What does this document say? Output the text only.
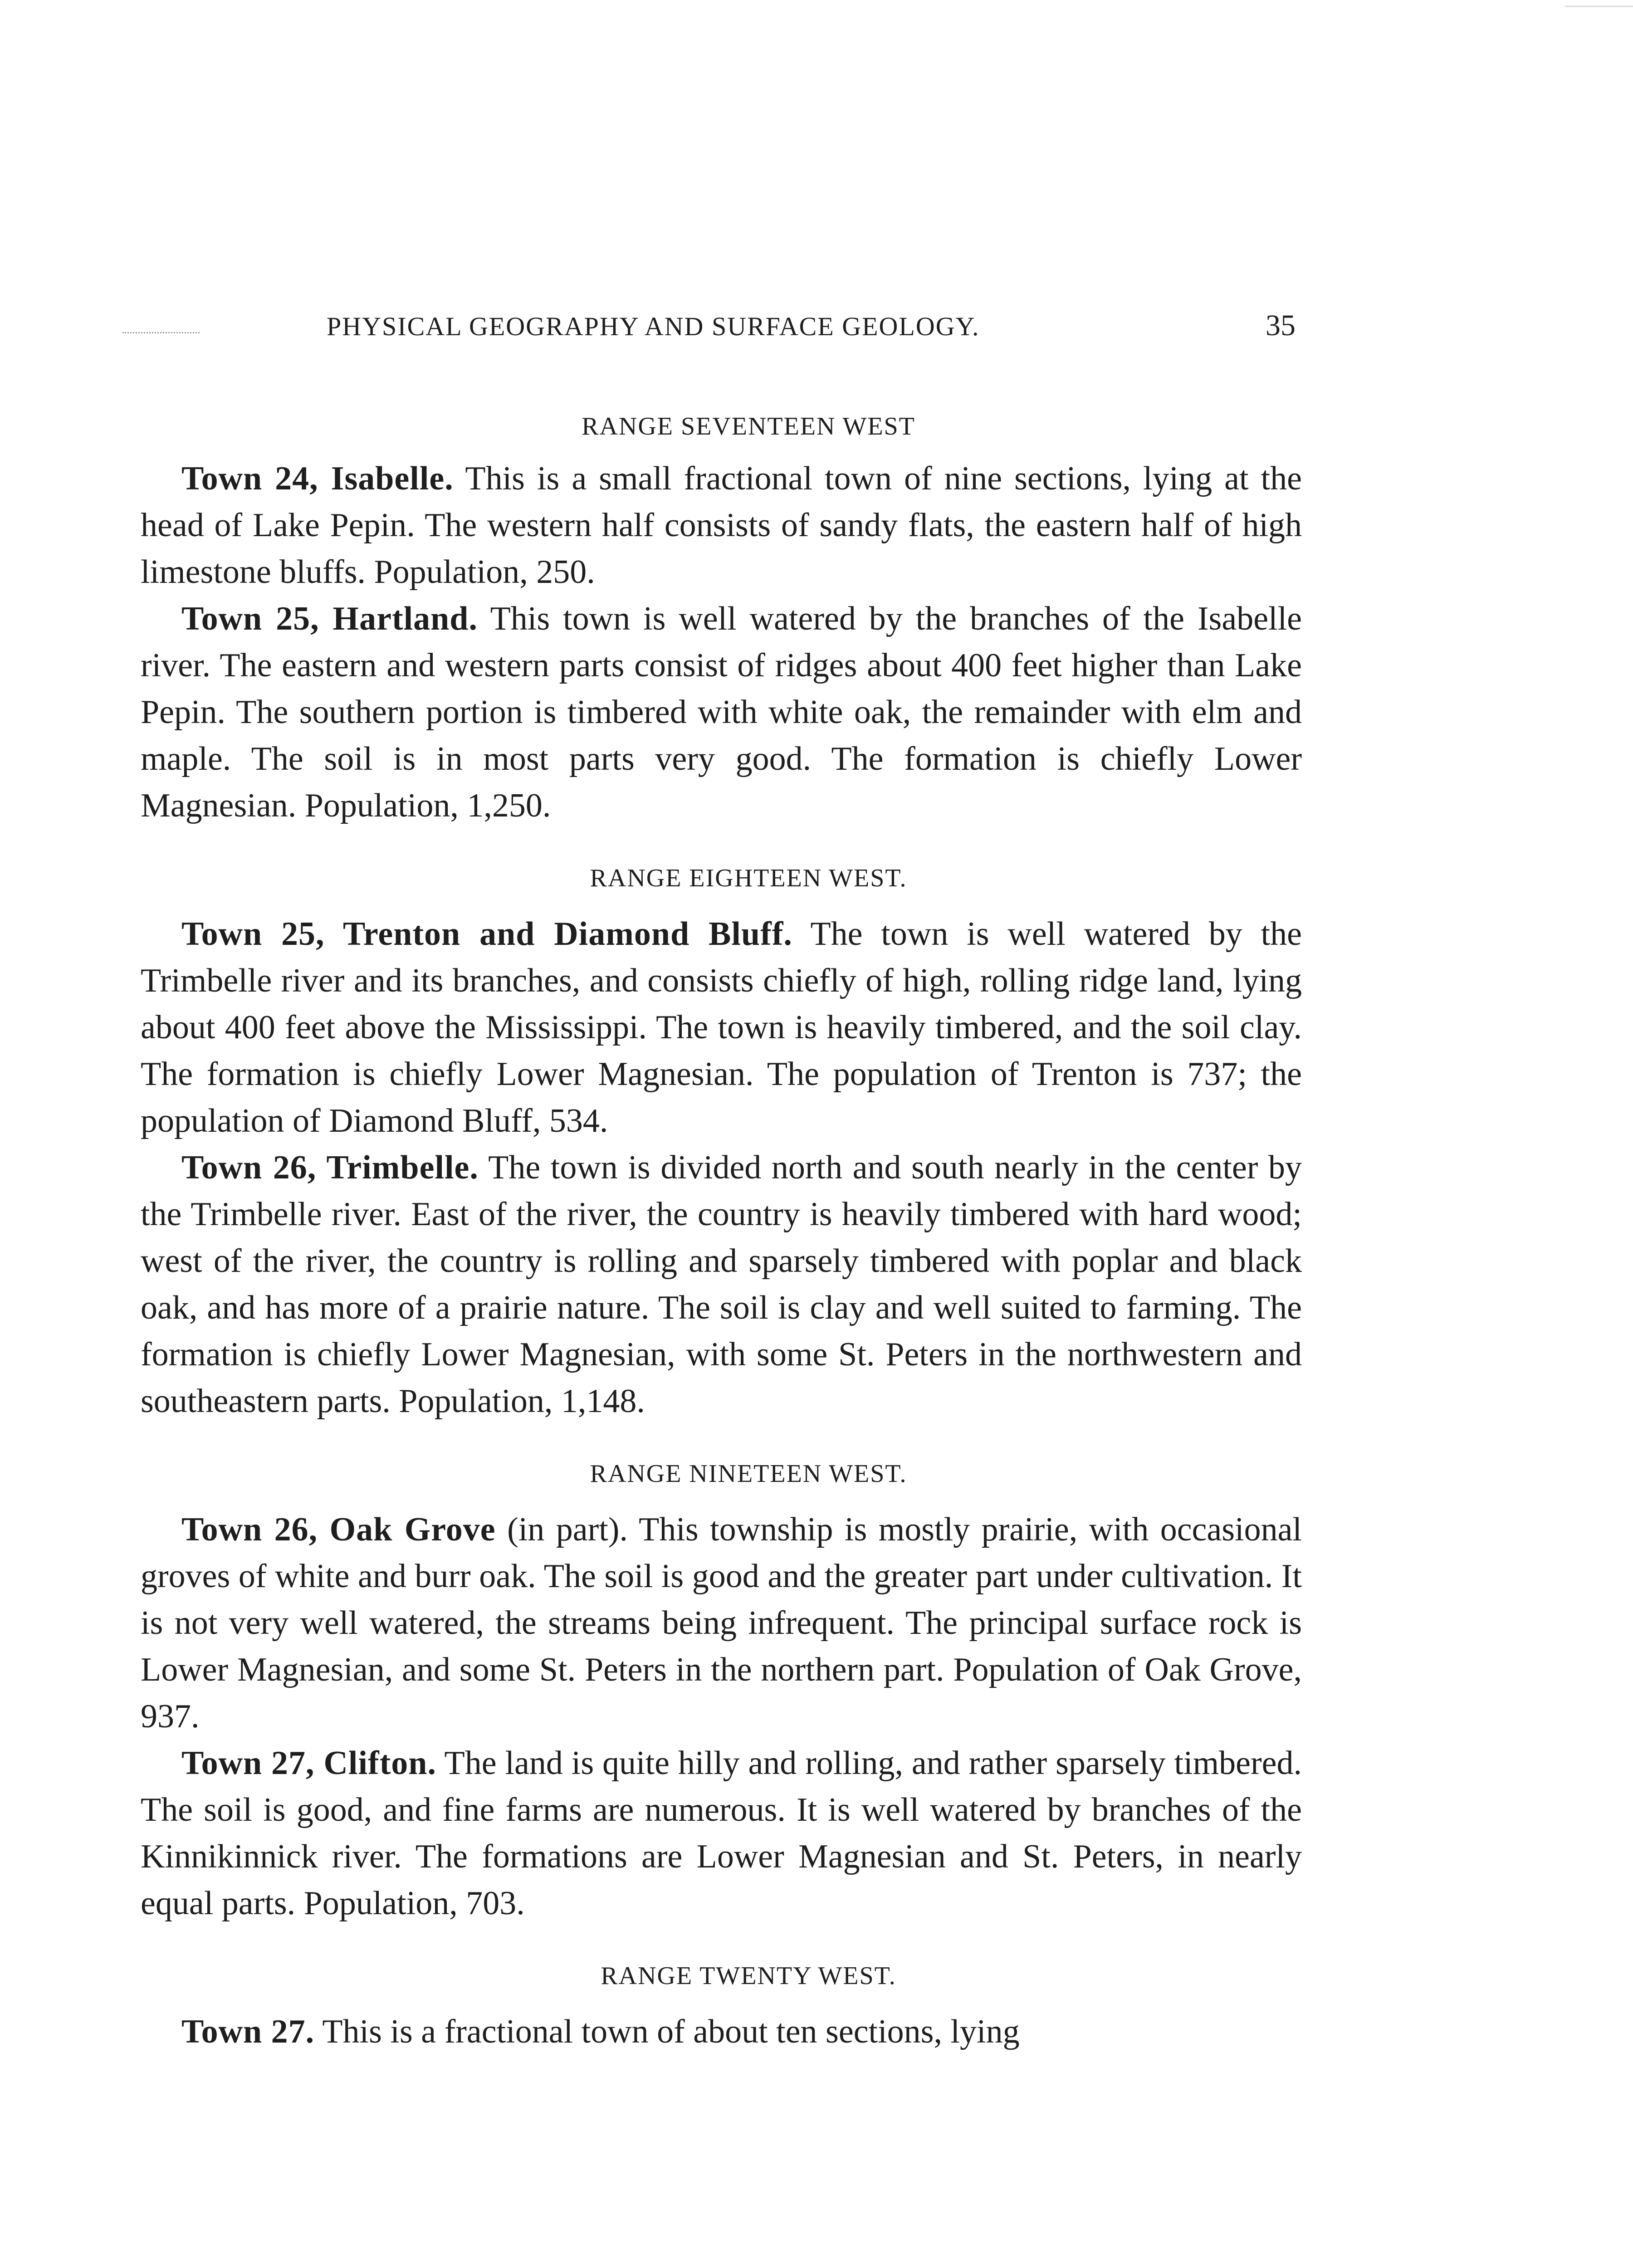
PHYSICAL GEOGRAPHY AND SURFACE GEOLOGY.	35
RANGE SEVENTEEN WEST

Town 24, Isabelle. This is a small fractional town of nine sections, lying at the head of Lake Pepin. The western half consists of sandy flats, the eastern half of high limestone bluffs. Population, 250.

Town 25, Hartland. This town is well watered by the branches of the Isabelle river. The eastern and western parts consist of ridges about 400 feet higher than Lake Pepin. The southern portion is timbered with white oak, the remainder with elm and maple. The soil is in most parts very good. The formation is chiefly Lower Magnesian. Population, 1,250.

RANGE EIGHTEEN WEST.

Town 25, Trenton and Diamond Bluff. The town is well watered by the Trimbelle river and its branches, and consists chiefly of high, rolling ridge land, lying about 400 feet above the Mississippi. The town is heavily timbered, and the soil clay. The formation is chiefly Lower Magnesian. The population of Trenton is 737; the population of Diamond Bluff, 534.

Town 26, Trimbelle. The town is divided north and south nearly in the center by the Trimbelle river. East of the river, the country is heavily timbered with hard wood; west of the river, the country is rolling and sparsely timbered with poplar and black oak, and has more of a prairie nature. The soil is clay and well suited to farming. The formation is chiefly Lower Magnesian, with some St. Peters in the northwestern and southeastern parts. Population, 1,148.

RANGE NINETEEN WEST.

Town 26, Oak Grove (in part). This township is mostly prairie, with occasional groves of white and burr oak. The soil is good and the greater part under cultivation. It is not very well watered, the streams being infrequent. The principal surface rock is Lower Magnesian, and some St. Peters in the northern part. Population of Oak Grove, 937.

Town 27, Clifton. The land is quite hilly and rolling, and rather sparsely timbered. The soil is good, and fine farms are numerous. It is well watered by branches of the Kinnikinnick river. The formations are Lower Magnesian and St. Peters, in nearly equal parts. Population, 703.

RANGE TWENTY WEST.

Town 27. This is a fractional town of about ten sections, lying
